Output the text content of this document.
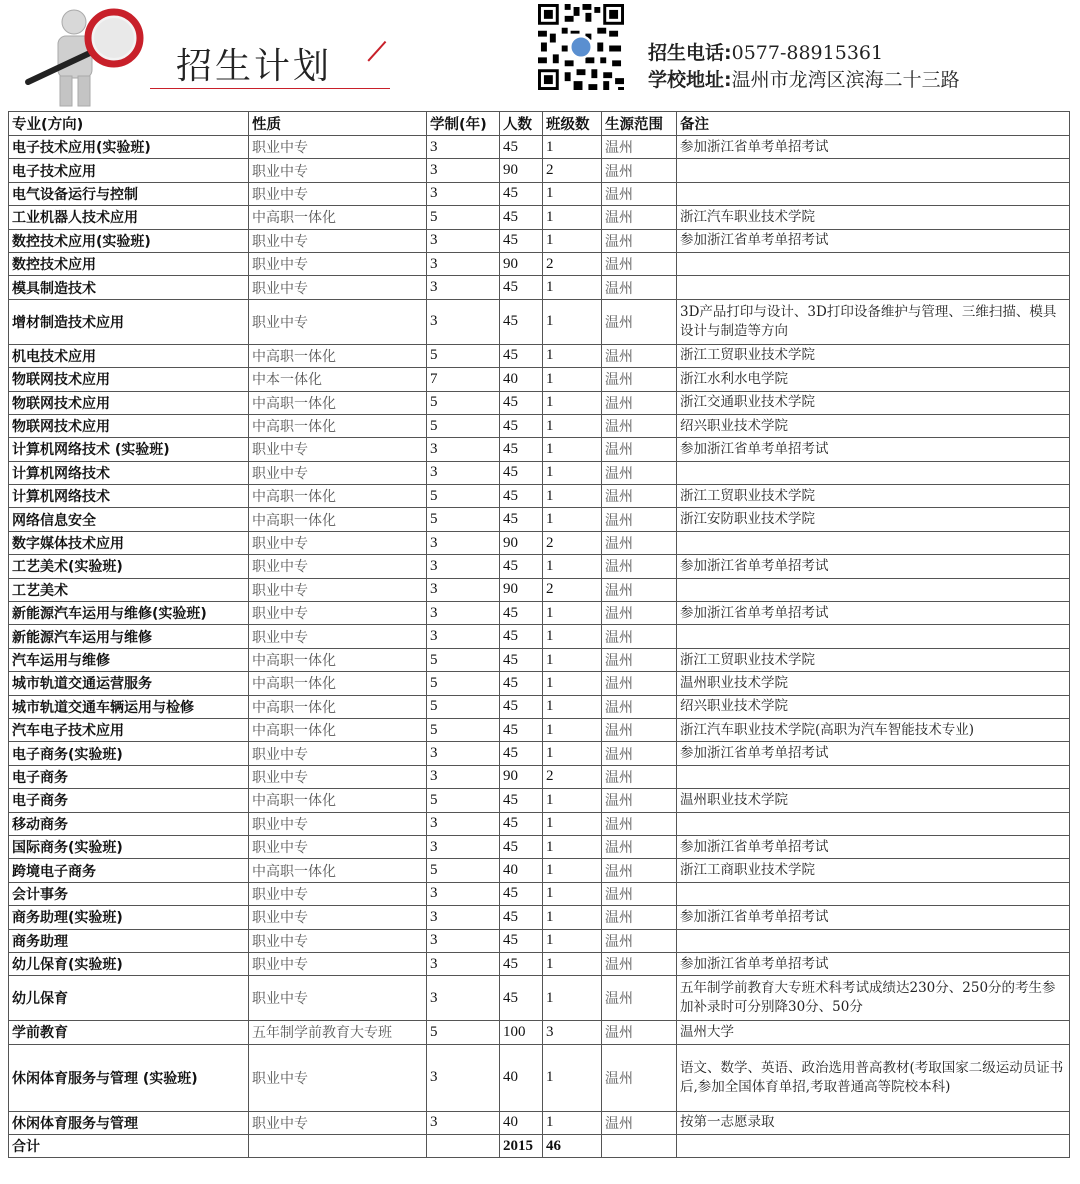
招生计划	招生电话:0577-88915361
学校地址:温州市龙湾区滨海二十三路
专业(方向)	性质	学制(年)	人数	班级数	生源范围	备注
电子技术应用(实验班)	职业中专	3	45	1	温州	参加浙江省单考单招考试
电子技术应用	职业中专	3	90	2	温州	
电气设备运行与控制	职业中专	3	45	1	温州	
工业机器人技术应用	中高职一体化	5	45	1	温州	浙江汽车职业技术学院
数控技术应用(实验班)	职业中专	3	45	1	温州	参加浙江省单考单招考试
数控技术应用	职业中专	3	90	2	温州	
模具制造技术	职业中专	3	45	1	温州	
增材制造技术应用	职业中专	3	45	1	温州	3D产品打印与设计、3D打印设备维护与管理、三维扫描、模具设计与制造等方向
机电技术应用	中高职一体化	5	45	1	温州	浙江工贸职业技术学院
物联网技术应用	中本一体化	7	40	1	温州	浙江水利水电学院
物联网技术应用	中高职一体化	5	45	1	温州	浙江交通职业技术学院
物联网技术应用	中高职一体化	5	45	1	温州	绍兴职业技术学院
计算机网络技术 (实验班)	职业中专	3	45	1	温州	参加浙江省单考单招考试
计算机网络技术	职业中专	3	45	1	温州	
计算机网络技术	中高职一体化	5	45	1	温州	浙江工贸职业技术学院
网络信息安全	中高职一体化	5	45	1	温州	浙江安防职业技术学院
数字媒体技术应用	职业中专	3	90	2	温州	
工艺美术(实验班)	职业中专	3	45	1	温州	参加浙江省单考单招考试
工艺美术	职业中专	3	90	2	温州	
新能源汽车运用与维修(实验班)	职业中专	3	45	1	温州	参加浙江省单考单招考试
新能源汽车运用与维修	职业中专	3	45	1	温州	
汽车运用与维修	中高职一体化	5	45	1	温州	浙江工贸职业技术学院
城市轨道交通运营服务	中高职一体化	5	45	1	温州	温州职业技术学院
城市轨道交通车辆运用与检修	中高职一体化	5	45	1	温州	绍兴职业技术学院
汽车电子技术应用	中高职一体化	5	45	1	温州	浙江汽车职业技术学院(高职为汽车智能技术专业)
电子商务(实验班)	职业中专	3	45	1	温州	参加浙江省单考单招考试
电子商务	职业中专	3	90	2	温州	
电子商务	中高职一体化	5	45	1	温州	温州职业技术学院
移动商务	职业中专	3	45	1	温州	
国际商务(实验班)	职业中专	3	45	1	温州	参加浙江省单考单招考试
跨境电子商务	中高职一体化	5	40	1	温州	浙江工商职业技术学院
会计事务	职业中专	3	45	1	温州	
商务助理(实验班)	职业中专	3	45	1	温州	参加浙江省单考单招考试
商务助理	职业中专	3	45	1	温州	
幼儿保育(实验班)	职业中专	3	45	1	温州	参加浙江省单考单招考试
幼儿保育	职业中专	3	45	1	温州	五年制学前教育大专班术科考试成绩达230分、250分的考生参加补录时可分别降30分、50分
学前教育	五年制学前教育大专班	5	100	3	温州	温州大学
休闲体育服务与管理 (实验班)	职业中专	3	40	1	温州	语文、数学、英语、政治选用普高教材(考取国家二级运动员证书后,参加全国体育单招,考取普通高等院校本科)
休闲体育服务与管理	职业中专	3	40	1	温州	按第一志愿录取
合计			2015	46		
